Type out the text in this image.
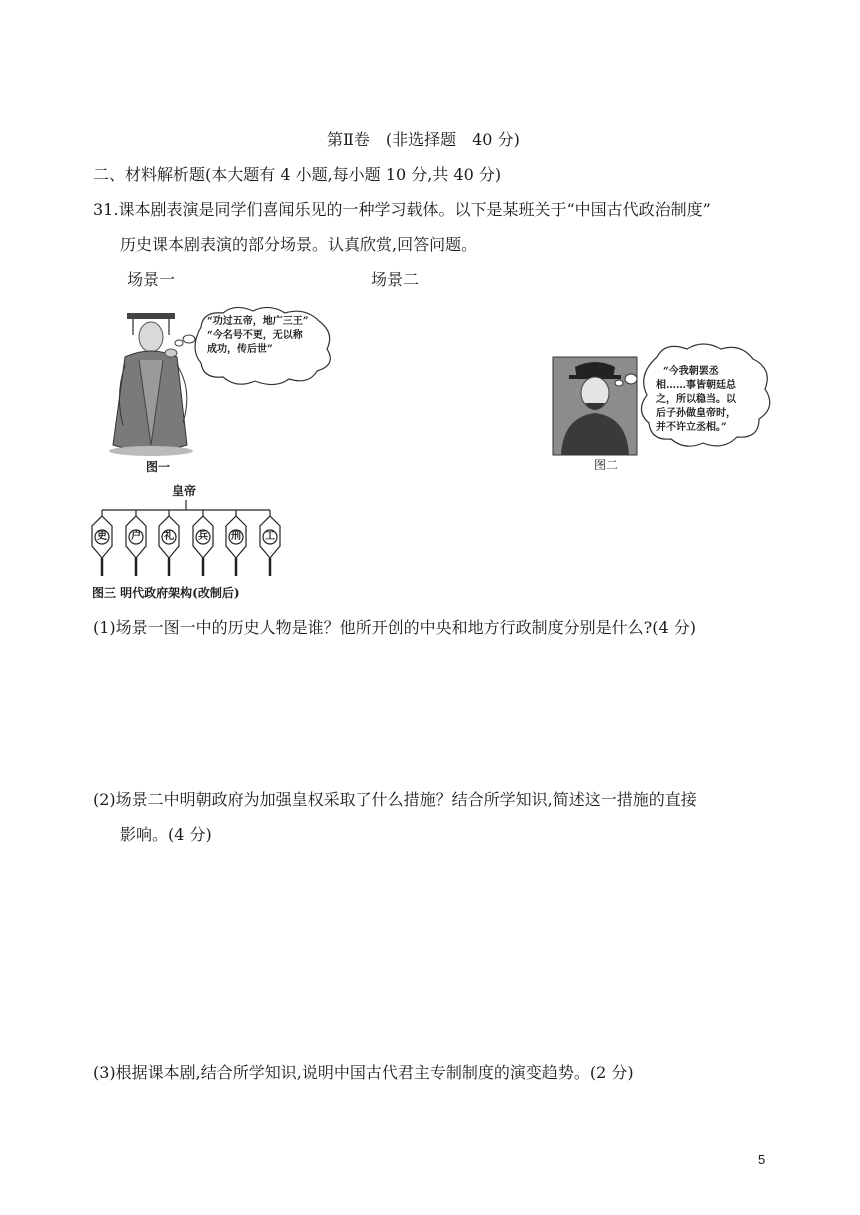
第Ⅱ卷　(非选择题　40 分)
二、材料解析题(本大题有 4 小题,每小题 10 分,共 40 分)
31.课本剧表演是同学们喜闻乐见的一种学习载体。以下是某班关于“中国古代政治制度”
历史课本剧表演的部分场景。认真欣赏,回答问题。
场景一	场景二
“功过五帝，地广三王”
“今名号不更，无以称
成功，传后世”
图一
“今我朝罢丞
相……事皆朝廷总
之，所以稳当。以
后子孙做皇帝时，
并不许立丞相。”
图二
皇帝
吏 户 礼 兵 刑 工
图三 明代政府架构(改制后)
(1)场景一图一中的历史人物是谁？他所开创的中央和地方行政制度分别是什么?(4 分)
(2)场景二中明朝政府为加强皇权采取了什么措施？结合所学知识,简述这一措施的直接
影响。(4 分)
(3)根据课本剧,结合所学知识,说明中国古代君主专制制度的演变趋势。(2 分)
5
